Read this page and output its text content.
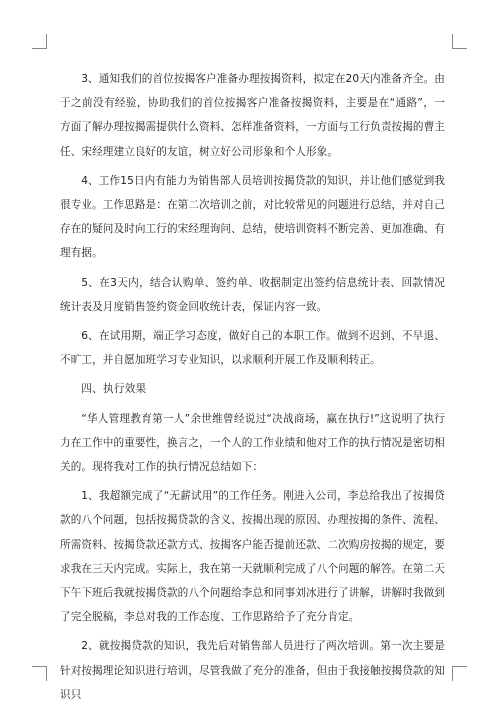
3、通知我们的首位按揭客户准备办理按揭资料，拟定在20天内准备齐全。由于之前没有经验，协助我们的首位按揭客户准备按揭资料，主要是在“通路”，一方面了解办理按揭需提供什么资料、怎样准备资料，一方面与工行负责按揭的曹主任、宋经理建立良好的友谊，树立好公司形象和个人形象。

4、工作15日内有能力为销售部人员培训按揭贷款的知识，并让他们感觉到我很专业。工作思路是：在第二次培训之前，对比较常见的问题进行总结，并对自己存在的疑问及时向工行的宋经理询问、总结，使培训资料不断完善、更加准确、有理有据。

5、在3天内，结合认购单、签约单、收据制定出签约信息统计表、回款情况统计表及月度销售签约资金回收统计表，保证内容一致。

6、在试用期，端正学习态度，做好自己的本职工作。做到不迟到、不早退、不旷工，并自愿加班学习专业知识，以求顺利开展工作及顺利转正。

四、执行效果

“华人管理教育第一人”余世维曾经说过“决战商场，赢在执行!”这说明了执行力在工作中的重要性，换言之，一个人的工作业绩和他对工作的执行情况是密切相关的。现将我对工作的执行情况总结如下：

1、我超额完成了“无薪试用”的工作任务。刚进入公司，李总给我出了按揭贷款的八个问题，包括按揭贷款的含义、按揭出现的原因、办理按揭的条件、流程、所需资料、按揭贷款还款方式、按揭客户能否提前还款、二次购房按揭的规定，要求我在三天内完成。实际上，我在第一天就顺利完成了八个问题的解答。在第二天下午下班后我就按揭贷款的八个问题给李总和同事刘冰进行了讲解，讲解时我做到了完全脱稿，李总对我的工作态度、工作思路给予了充分肯定。

2、就按揭贷款的知识，我先后对销售部人员进行了两次培训。第一次主要是针对按揭理论知识进行培训，尽管我做了充分的准备，但由于我接触按揭贷款的知识只
